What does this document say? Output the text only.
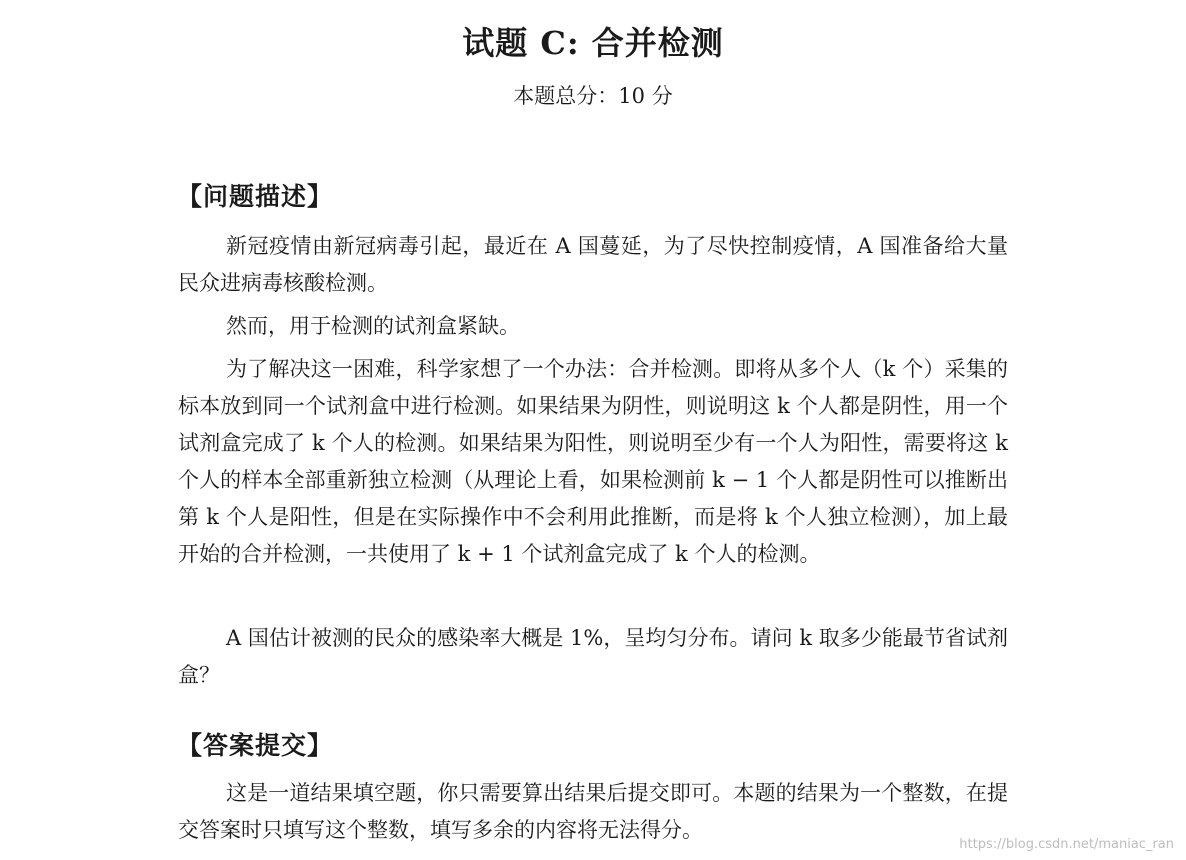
试题 C: 合并检测
本题总分：10 分
【问题描述】
新冠疫情由新冠病毒引起，最近在 A 国蔓延，为了尽快控制疫情，A 国准备给大量民众进病毒核酸检测。
然而，用于检测的试剂盒紧缺。
为了解决这一困难，科学家想了一个办法：合并检测。即将从多个人（k 个）采集的标本放到同一个试剂盒中进行检测。如果结果为阴性，则说明这 k 个人都是阴性，用一个试剂盒完成了 k 个人的检测。如果结果为阳性，则说明至少有一个人为阳性，需要将这 k 个人的样本全部重新独立检测（从理论上看，如果检测前 k − 1 个人都是阴性可以推断出第 k 个人是阳性，但是在实际操作中不会利用此推断，而是将 k 个人独立检测），加上最开始的合并检测，一共使用了 k + 1 个试剂盒完成了 k 个人的检测。
A 国估计被测的民众的感染率大概是 1%，呈均匀分布。请问 k 取多少能最节省试剂盒？
【答案提交】
这是一道结果填空题，你只需要算出结果后提交即可。本题的结果为一个整数，在提交答案时只填写这个整数，填写多余的内容将无法得分。
https://blog.csdn.net/maniac_ran
